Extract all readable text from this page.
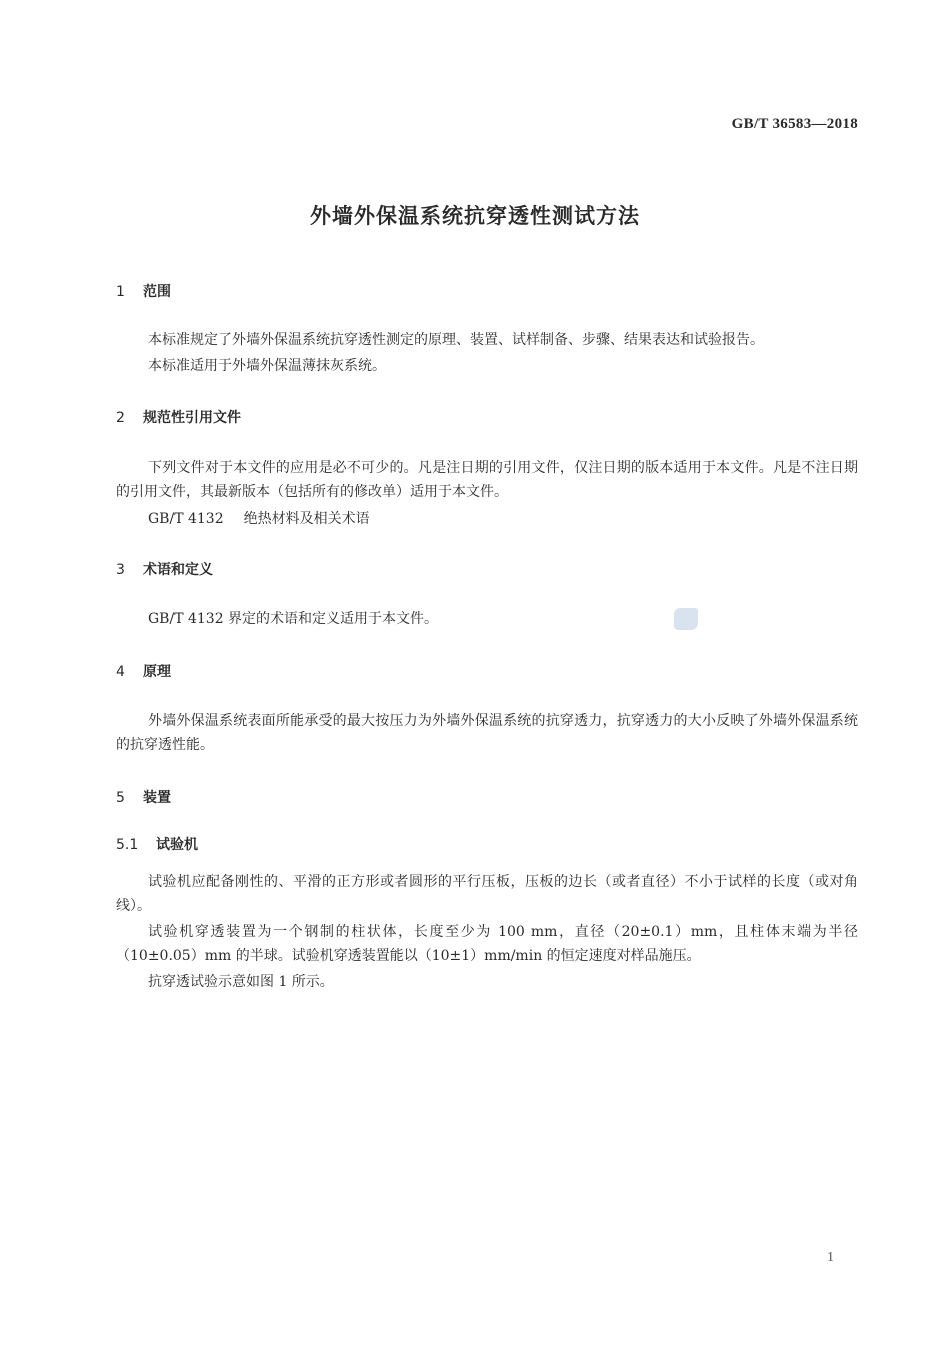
GB/T 36583—2018
外墙外保温系统抗穿透性测试方法
1 范围
本标准规定了外墙外保温系统抗穿透性测定的原理、装置、试样制备、步骤、结果表达和试验报告。
本标准适用于外墙外保温薄抹灰系统。
2 规范性引用文件
下列文件对于本文件的应用是必不可少的。凡是注日期的引用文件，仅注日期的版本适用于本文件。凡是不注日期的引用文件，其最新版本（包括所有的修改单）适用于本文件。
GB/T 4132 绝热材料及相关术语
3 术语和定义
GB/T 4132 界定的术语和定义适用于本文件。
4 原理
外墙外保温系统表面所能承受的最大按压力为外墙外保温系统的抗穿透力，抗穿透力的大小反映了外墙外保温系统的抗穿透性能。
5 装置
5.1 试验机
试验机应配备刚性的、平滑的正方形或者圆形的平行压板，压板的边长（或者直径）不小于试样的长度（或对角线）。
试验机穿透装置为一个钢制的柱状体，长度至少为 100 mm，直径（20±0.1）mm，且柱体末端为半径（10±0.05）mm 的半球。试验机穿透装置能以（10±1）mm/min 的恒定速度对样品施压。
抗穿透试验示意如图 1 所示。
1
